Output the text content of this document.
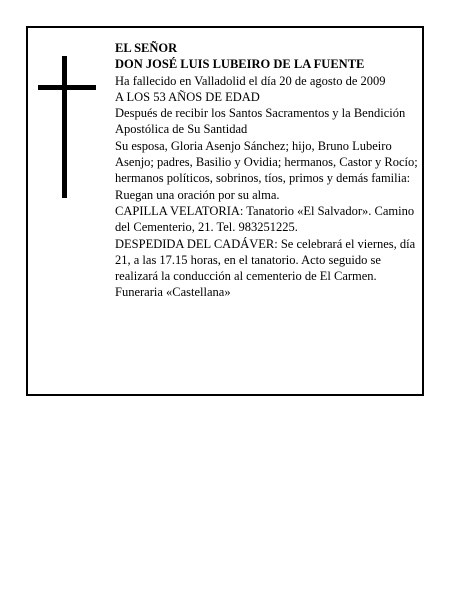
EL SEÑOR

DON JOSÉ LUIS LUBEIRO DE LA FUENTE

Ha fallecido en Valladolid el día 20 de agosto de 2009

A LOS 53 AÑOS DE EDAD

Después de recibir los Santos Sacramentos y la Bendición Apostólica de Su Santidad

Su esposa, Gloria Asenjo Sánchez; hijo, Bruno Lubeiro Asenjo; padres, Basilio y Ovidia; hermanos, Castor y Rocío; hermanos políticos, sobrinos, tíos, primos y demás familia:

Ruegan una oración por su alma.

CAPILLA VELATORIA: Tanatorio «El Salvador». Camino del Cementerio, 21. Tel. 983251225.

DESPEDIDA DEL CADÁVER: Se celebrará el viernes, día 21, a las 17.15 horas, en el tanatorio. Acto seguido se realizará la conducción al cementerio de El Carmen.

Funeraria «Castellana»
